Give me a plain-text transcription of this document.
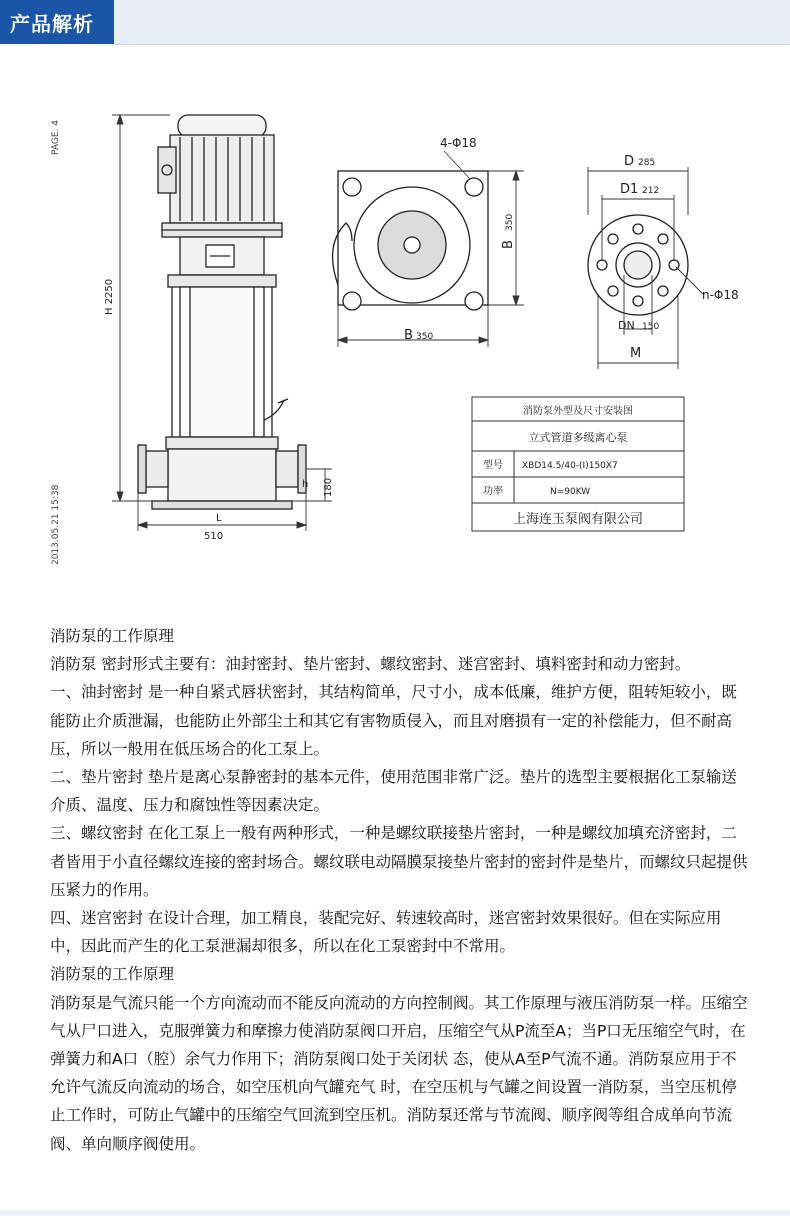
产品解析
PAGE. 4
2013.05.21 15:38
H 2250
h 180
L
510
4-Φ18
B
350
B 350
D 285
D1 212
n-Φ18
DN 150
M
消防泵外型及尺寸安装图
立式管道多级离心泵
型号 XBD14.5/40-(I)150X7
功率	N=90KW
上海连玉泵阀有限公司

消防泵的工作原理

消防泵 密封形式主要有：油封密封、垫片密封、螺纹密封、迷宫密封、填料密封和动力密封。

一、油封密封 是一种自紧式唇状密封，其结构简单，尺寸小，成本低廉，维护方便，阻转矩较小，既能防止介质泄漏，也能防止外部尘土和其它有害物质侵入，而且对磨损有一定的补偿能力，但不耐高压，所以一般用在低压场合的化工泵上。

二、垫片密封 垫片是离心泵静密封的基本元件，使用范围非常广泛。垫片的选型主要根据化工泵输送介质、温度、压力和腐蚀性等因素决定。

三、螺纹密封 在化工泵上一般有两种形式，一种是螺纹联接垫片密封，一种是螺纹加填充济密封，二者皆用于小直径螺纹连接的密封场合。螺纹联电动隔膜泵接垫片密封的密封件是垫片，而螺纹只起提供压紧力的作用。

四、迷宫密封 在设计合理，加工精良，装配完好、转速较高时，迷宫密封效果很好。但在实际应用中，因此而产生的化工泵泄漏却很多，所以在化工泵密封中不常用。

消防泵的工作原理

消防泵是气流只能一个方向流动而不能反向流动的方向控制阀。其工作原理与液压消防泵一样。压缩空气从尸口进入，克服弹簧力和摩擦力使消防泵阀口开启，压缩空气从P流至A；当P口无压缩空气时，在弹簧力和A口（腔）余气力作用下；消防泵阀口处于关闭状 态，使从A至P气流不通。消防泵应用于不允许气流反向流动的场合，如空压机向气罐充气 时，在空压机与气罐之间设置一消防泵，当空压机停止工作时，可防止气罐中的压缩空气回流到空压机。消防泵还常与节流阀、顺序阀等组合成单向节流阀、单向顺序阀使用。
